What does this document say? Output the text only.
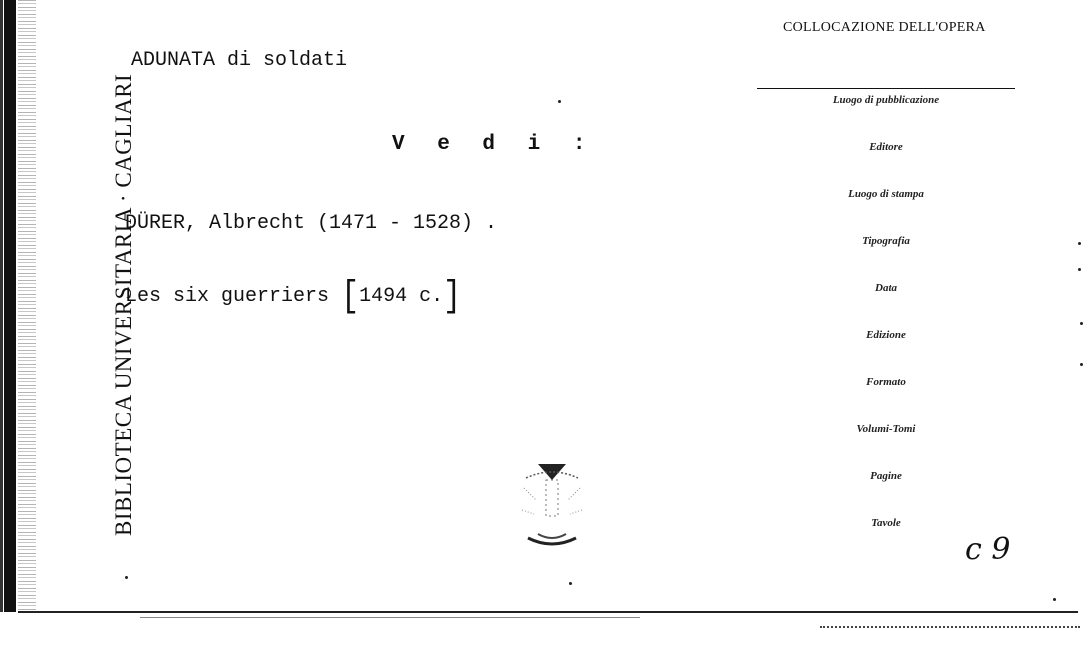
BIBLIOTECA UNIVERSITARIA · CAGLIARI
ADUNATA di soldati
V e d i :
DÜRER, Albrecht (1471 - 1528) .
Les six guerriers [1494 c.]
COLLOCAZIONE DELL'OPERA
Luogo di pubblicazione
Editore
Luogo di stampa
Tipografia
Data
Edizione
Formato
Volumi-Tomi
Pagine
Tavole
c 9
